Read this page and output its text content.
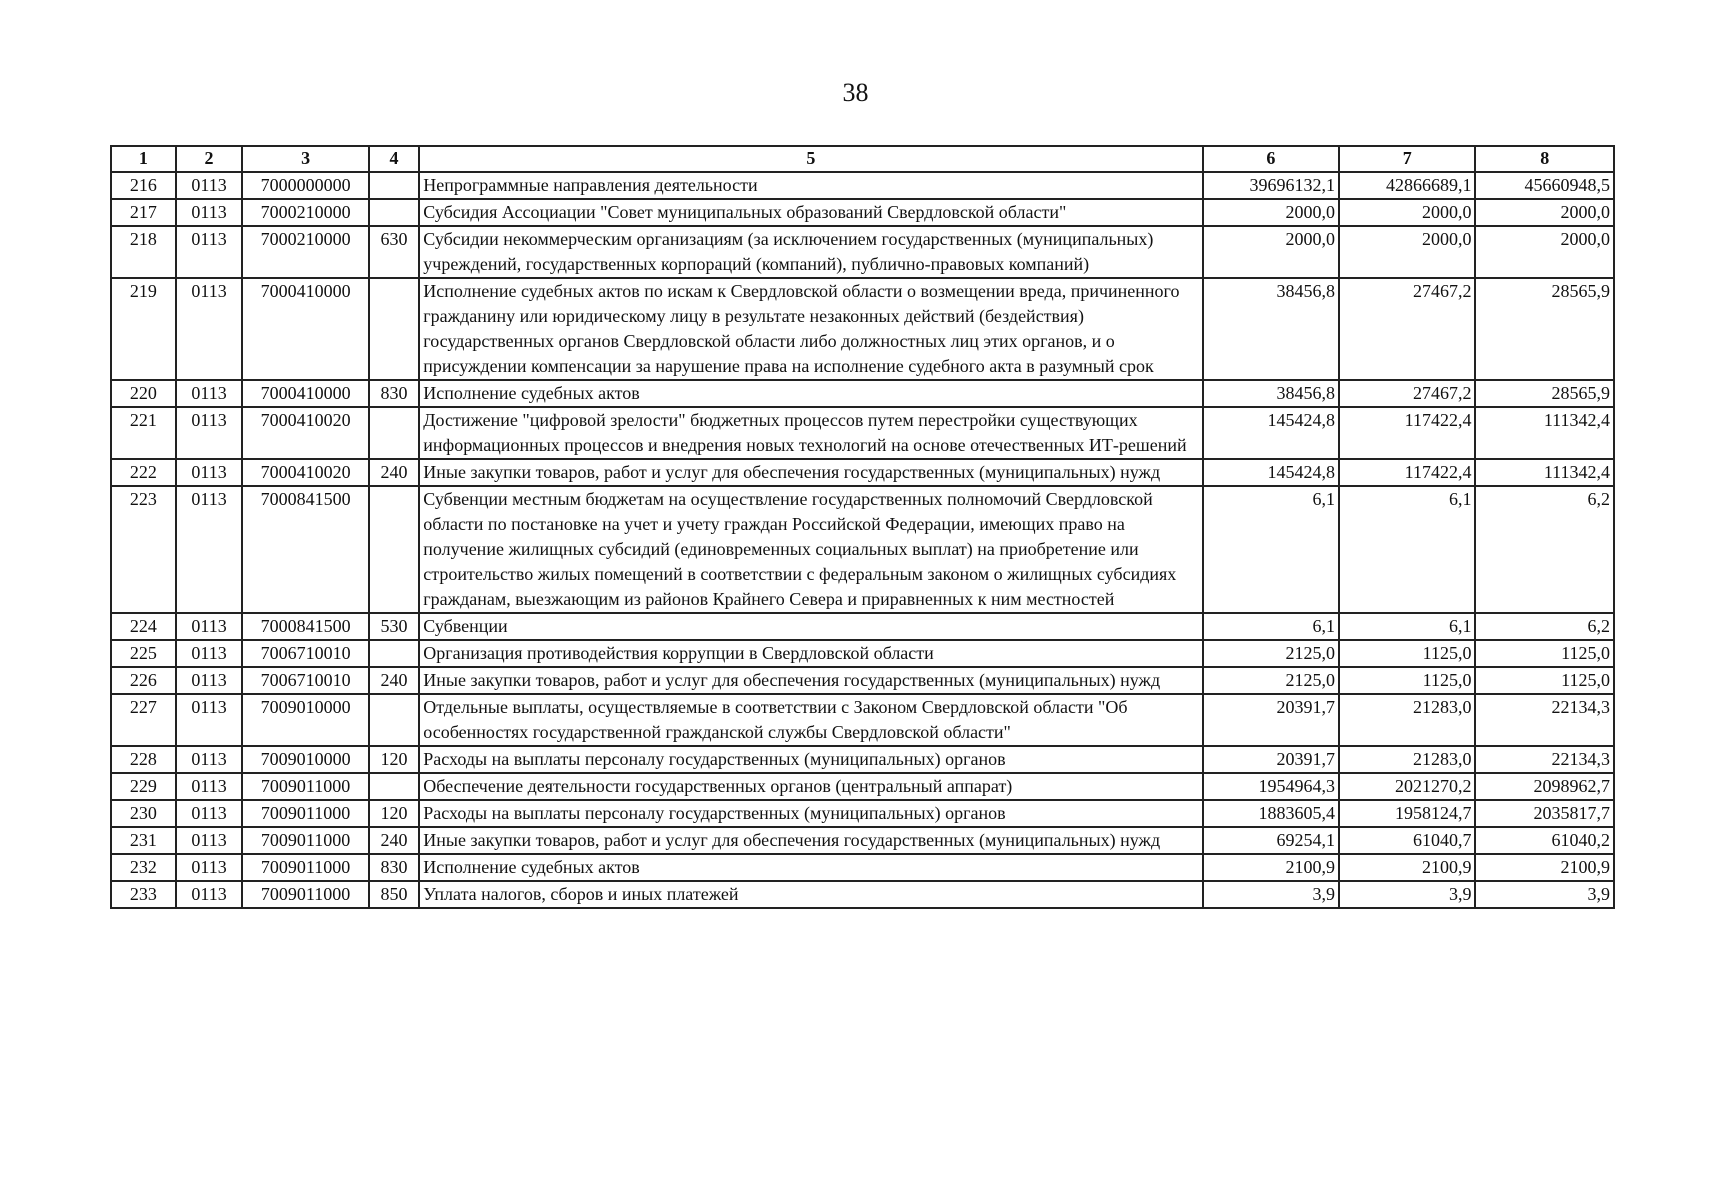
38
1	2	3	4	5	6	7	8
216	0113	7000000000		Непрограммные направления деятельности	39696132,1	42866689,1	45660948,5
217	0113	7000210000		Субсидия Ассоциации "Совет муниципальных образований Свердловской области"	2000,0	2000,0	2000,0
218	0113	7000210000	630	Субсидии некоммерческим организациям (за исключением государственных (муниципальных) учреждений, государственных корпораций (компаний), публично-правовых компаний)	2000,0	2000,0	2000,0
219	0113	7000410000		Исполнение судебных актов по искам к Свердловской области о возмещении вреда, причиненного гражданину или юридическому лицу в результате незаконных действий (бездействия) государственных органов Свердловской области либо должностных лиц этих органов, и о присуждении компенсации за нарушение права на исполнение судебного акта в разумный срок	38456,8	27467,2	28565,9
220	0113	7000410000	830	Исполнение судебных актов	38456,8	27467,2	28565,9
221	0113	7000410020		Достижение "цифровой зрелости" бюджетных процессов путем перестройки существующих информационных процессов и внедрения новых технологий на основе отечественных ИТ-решений	145424,8	117422,4	111342,4
222	0113	7000410020	240	Иные закупки товаров, работ и услуг для обеспечения государственных (муниципальных) нужд	145424,8	117422,4	111342,4
223	0113	7000841500		Субвенции местным бюджетам на осуществление государственных полномочий Свердловской области по постановке на учет и учету граждан Российской Федерации, имеющих право на получение жилищных субсидий (единовременных социальных выплат) на приобретение или строительство жилых помещений в соответствии с федеральным законом о жилищных субсидиях гражданам, выезжающим из районов Крайнего Севера и приравненных к ним местностей	6,1	6,1	6,2
224	0113	7000841500	530	Субвенции	6,1	6,1	6,2
225	0113	7006710010		Организация противодействия коррупции в Свердловской области	2125,0	1125,0	1125,0
226	0113	7006710010	240	Иные закупки товаров, работ и услуг для обеспечения государственных (муниципальных) нужд	2125,0	1125,0	1125,0
227	0113	7009010000		Отдельные выплаты, осуществляемые в соответствии с Законом Свердловской области "Об особенностях государственной гражданской службы Свердловской области"	20391,7	21283,0	22134,3
228	0113	7009010000	120	Расходы на выплаты персоналу государственных (муниципальных) органов	20391,7	21283,0	22134,3
229	0113	7009011000		Обеспечение деятельности государственных органов (центральный аппарат)	1954964,3	2021270,2	2098962,7
230	0113	7009011000	120	Расходы на выплаты персоналу государственных (муниципальных) органов	1883605,4	1958124,7	2035817,7
231	0113	7009011000	240	Иные закупки товаров, работ и услуг для обеспечения государственных (муниципальных) нужд	69254,1	61040,7	61040,2
232	0113	7009011000	830	Исполнение судебных актов	2100,9	2100,9	2100,9
233	0113	7009011000	850	Уплата налогов, сборов и иных платежей	3,9	3,9	3,9
